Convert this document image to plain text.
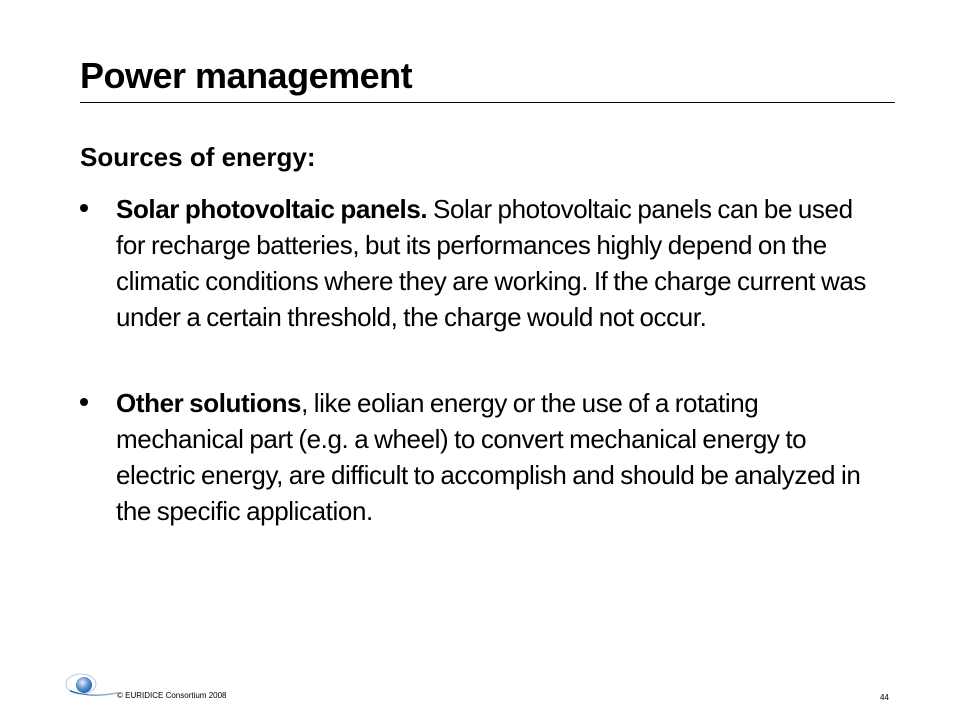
Power management
Sources of energy:

Solar photovoltaic panels. Solar photovoltaic panels can be used for recharge batteries, but its performances highly depend on the climatic conditions where they are working. If the charge current was under a certain threshold, the charge would not occur.

Other solutions, like eolian energy or the use of a rotating mechanical part (e.g. a wheel) to convert mechanical energy to electric energy, are difficult to accomplish and should be analyzed in the specific application.

© EURIDICE Consortium 2008	44
